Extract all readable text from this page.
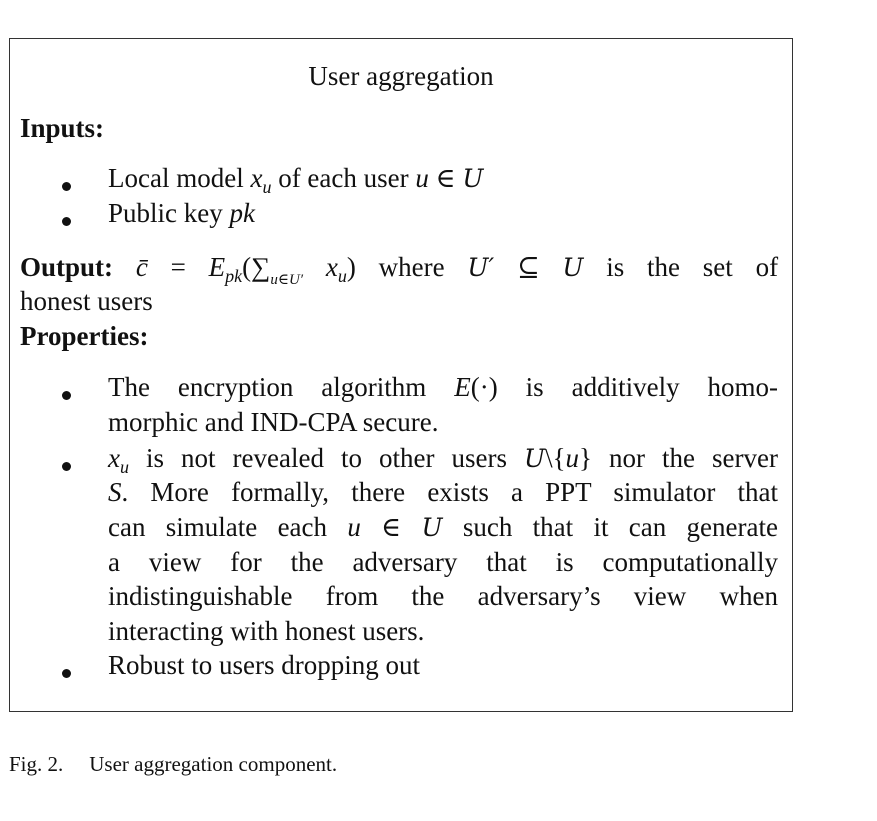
User aggregation
Inputs:
Local model $x_u$ of each user u ∈ U
Public key pk
Output: c̄ = $E_{pk}(\sum_{u\in U'}$ $x_u$) where U′ ⊆ U is the set of
honest users
Properties:
The encryption algorithm E(·) is additively homo-
morphic and IND-CPA secure.
$x_u$ is not revealed to other users U\{u} nor the server
S. More formally, there exists a PPT simulator that
can simulate each u ∈ U such that it can generate
a view for the adversary that is computationally
indistinguishable from the adversary’s view when
interacting with honest users.
Robust to users dropping out
Fig. 2. User aggregation component.
